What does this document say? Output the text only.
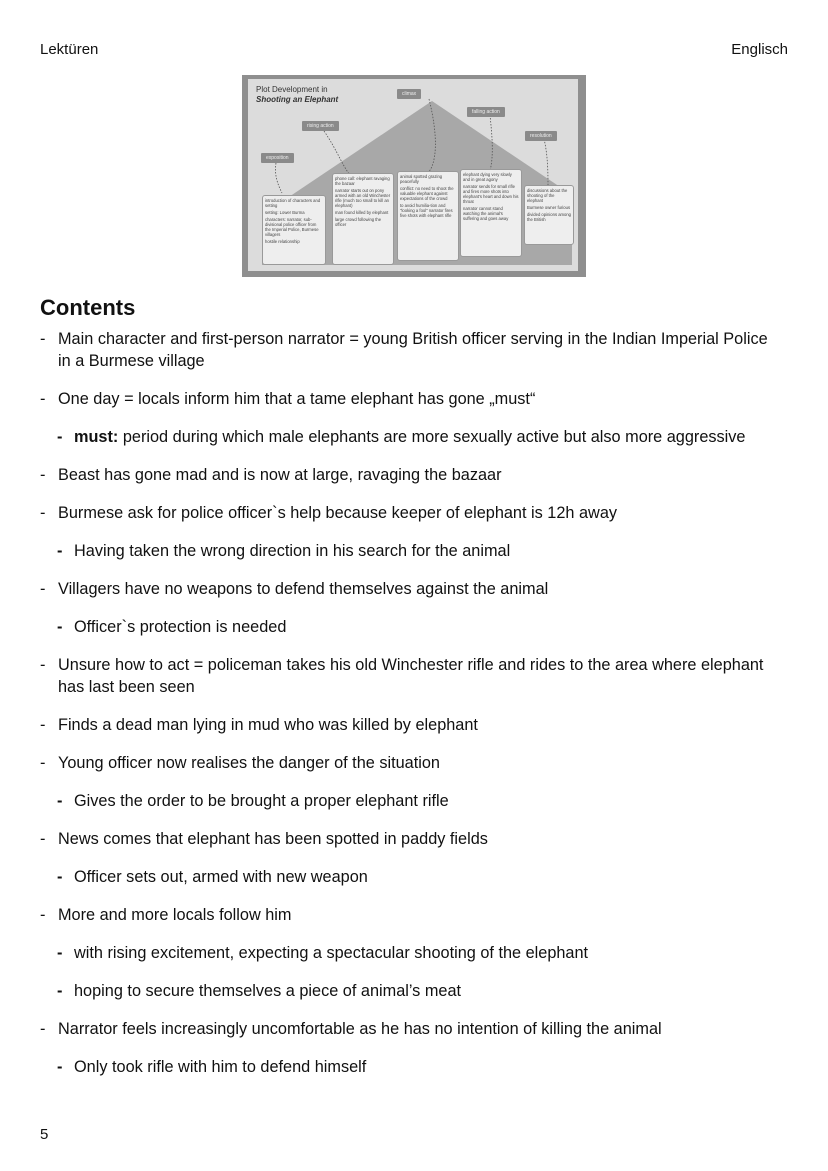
Lektüren	Englisch
Plot Development in
Shooting an Elephant
climax
rising action
falling action
resolution
exposition

introduction of characters and setting

setting: Lower Burma

characters: narrator, sub-divisional police officer from the Imperial Police, Burmese villagers

hostile relationship

phone call: elephant ravaging the bazaar

narrator starts out on pony armed with an old Winchester rifle (much too small to kill an elephant)

man found killed by elephant

large crowd following the officer

animal spotted grazing peacefully

conflict: no need to shoot the valuable elephant against expectations of the crowd

to avoid humilia-tion and "looking a fool" narrator fires five shots with elephant rifle

elephant dying very slowly and in great agony

narrator sends for small rifle and fires more shots into elephant's heart and down his throat

narrator cannot stand watching the animal's suffering and goes away

discussions about the shooting of the elephant

Burmese owner furious

divided opinions among the British

Contents
- Main character and first-person narrator = young British officer serving in the Indian Imperial Police in a Burmese village
- One day = locals inform him that a tame elephant has gone „must“
- must: period during which male elephants are more sexually active but also more aggressive
- Beast has gone mad and is now at large, ravaging the bazaar
- Burmese ask for police officer`s help because keeper of elephant is 12h away
- Having taken the wrong direction in his search for the animal
- Villagers have no weapons to defend themselves against the animal
- Officer`s protection is needed
- Unsure how to act = policeman takes his old Winchester rifle and rides to the area where elephant has last been seen
- Finds a dead man lying in mud who was killed by elephant
- Young officer now realises the danger of the situation
- Gives the order to be brought a proper elephant rifle
- News comes that elephant has been spotted in paddy fields
- Officer sets out, armed with new weapon
- More and more locals follow him
- with rising excitement, expecting a spectacular shooting of the elephant
- hoping to secure themselves a piece of animal’s meat
- Narrator feels increasingly uncomfortable as he has no intention of killing the animal
- Only took rifle with him to defend himself
5
